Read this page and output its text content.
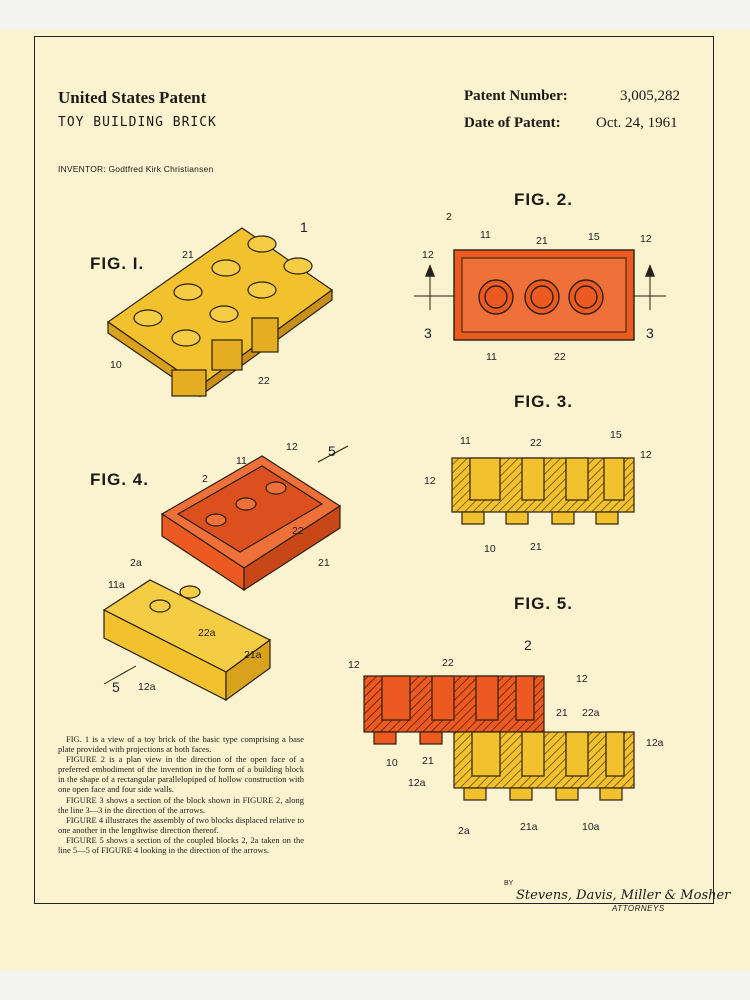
United States Patent
TOY BUILDING BRICK
Patent Number:	3,005,282
Date of Patent: Oct. 24, 1961
INVENTOR: Godtfred Kirk Christiansen
1
21
10
22
2
11	21	15
12
12
3	3
11	22
11	22
15
12
12
10	21
12 5
2
11
22
21
2a
11a
22a
21a
5 12a
2
12	22
12
21 22a
12a
10 21
12a
2a	21a	10a
FIG. I.
FIG. 2.
FIG. 3.
FIG. 4.
FIG. 5.

FIG. 1 is a view of a toy brick of the basic type comprising a base plate provided with projections at both faces.

FIGURE 2 is a plan view in the direction of the open face of a preferred embodiment of the invention in the form of a building block in the shape of a rectangular parallelopiped of hollow construction with one open face and four side walls.

FIGURE 3 shows a section of the block shown in FIGURE 2, along the line 3—3 in the direction of the arrows.

FIGURE 4 illustrates the assembly of two blocks displaced relative to one another in the lengthwise direction thereof.

FIGURE 5 shows a section of the coupled blocks 2, 2a taken on the line 5—5 of FIGURE 4 looking in the direction of the arrows.

BY
Stevens, Davis, Miller & Mosher
ATTORNEYS
